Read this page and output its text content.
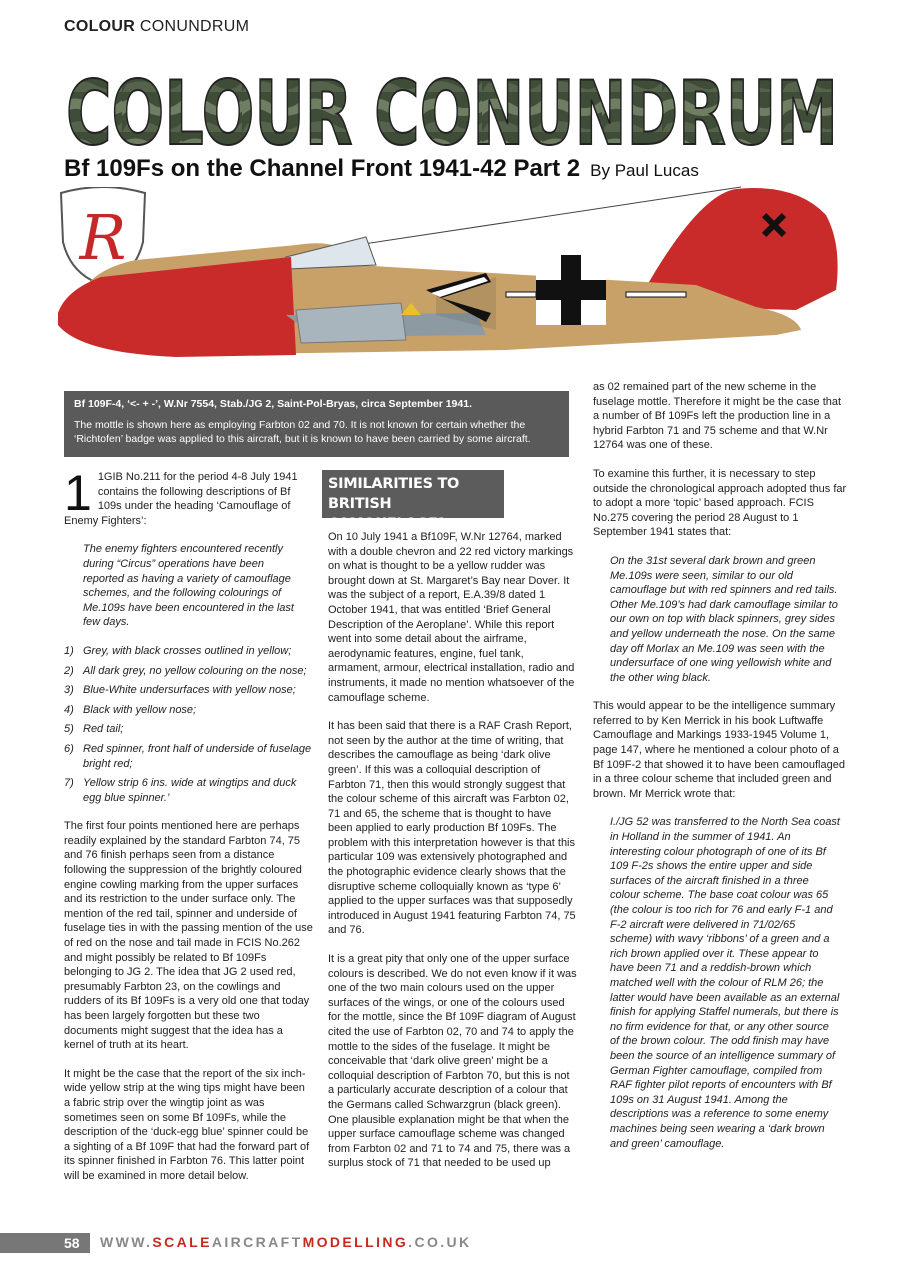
COLOUR CONUNDRUM
COLOUR CONUNDRUM
Bf 109Fs on the Channel Front 1941-42 Part 2 By Paul Lucas
R
Bf 109F-4, ‘<- + -’, W.Nr 7554, Stab./JG 2, Saint-Pol-Bryas, circa September 1941.
The mottle is shown here as employing Farbton 02 and 70. It is not known for certain whether the ‘Richtofen’ badge was applied to this aircraft, but it is known to have been carried by some aircraft.

1 1GIB No.211 for the period 4-8 July 1941 contains the following descriptions of Bf 109s under the heading ‘Camouflage of Enemy Fighters’:

The enemy fighters encountered recently during “Circus” operations have been reported as having a variety of camouflage schemes, and the following colourings of Me.109s have been encountered in the last few days.

1) Grey, with black crosses outlined in yellow;
2) All dark grey, no yellow colouring on the nose;
3) Blue-White undersurfaces with yellow nose;
4) Black with yellow nose;
5) Red tail;
6) Red spinner, front half of underside of fuselage bright red;
7) Yellow strip 6 ins. wide at wingtips and duck egg blue spinner.’

The first four points mentioned here are perhaps readily explained by the standard Farbton 74, 75 and 76 finish perhaps seen from a distance following the suppression of the brightly coloured engine cowling marking from the upper surfaces and its restriction to the under surface only. The mention of the red tail, spinner and underside of fuselage ties in with the passing mention of the use of red on the nose and tail made in FCIS No.262 and might possibly be related to Bf 109Fs belonging to JG 2. The idea that JG 2 used red, presumably Farbton 23, on the cowlings and rudders of its Bf 109Fs is a very old one that today has been largely forgotten but these two documents might suggest that the idea has a kernel of truth at its heart.

It might be the case that the report of the six inch-wide yellow strip at the wing tips might have been a fabric strip over the wingtip joint as was sometimes seen on some Bf 109Fs, while the description of the ‘duck-egg blue’ spinner could be a sighting of a Bf 109F that had the forward part of its spinner finished in Farbton 76. This latter point will be examined in more detail below.

SIMILARITIES TO BRITISH CAMOUFLAGE?

On 10 July 1941 a Bf109F, W.Nr 12764, marked with a double chevron and 22 red victory markings on what is thought to be a yellow rudder was brought down at St. Margaret’s Bay near Dover. It was the subject of a report, E.A.39/8 dated 1 October 1941, that was entitled ‘Brief General Description of the Aeroplane’. While this report went into some detail about the airframe, aerodynamic features, engine, fuel tank, armament, armour, electrical installation, radio and instruments, it made no mention whatsoever of the camouflage scheme.

It has been said that there is a RAF Crash Report, not seen by the author at the time of writing, that describes the camouflage as being ‘dark olive green’. If this was a colloquial description of Farbton 71, then this would strongly suggest that the colour scheme of this aircraft was Farbton 02, 71 and 65, the scheme that is thought to have been applied to early production Bf 109Fs. The problem with this interpretation however is that this particular 109 was extensively photographed and the photographic evidence clearly shows that the disruptive scheme colloquially known as ‘type 6’ applied to the upper surfaces was that supposedly introduced in August 1941 featuring Farbton 74, 75 and 76.

It is a great pity that only one of the upper surface colours is described. We do not even know if it was one of the two main colours used on the upper surfaces of the wings, or one of the colours used for the mottle, since the Bf 109F diagram of August cited the use of Farbton 02, 70 and 74 to apply the mottle to the sides of the fuselage. It might be conceivable that ‘dark olive green’ might be a colloquial description of Farbton 70, but this is not a particularly accurate description of a colour that the Germans called Schwarzgrun (black green). One plausible explanation might be that when the upper surface camouflage scheme was changed from Farbton 02 and 71 to 74 and 75, there was a surplus stock of 71 that needed to be used up

as 02 remained part of the new scheme in the fuselage mottle. Therefore it might be the case that a number of Bf 109Fs left the production line in a hybrid Farbton 71 and 75 scheme and that W.Nr 12764 was one of these.

To examine this further, it is necessary to step outside the chronological approach adopted thus far to adopt a more ‘topic’ based approach. FCIS No.275 covering the period 28 August to 1 September 1941 states that:

On the 31st several dark brown and green Me.109s were seen, similar to our old camouflage but with red spinners and red tails. Other Me.109’s had dark camouflage similar to our own on top with black spinners, grey sides and yellow underneath the nose. On the same day off Morlax an Me.109 was seen with the undersurface of one wing yellowish white and the other wing black.

This would appear to be the intelligence summary referred to by Ken Merrick in his book Luftwaffe Camouflage and Markings 1933-1945 Volume 1, page 147, where he mentioned a colour photo of a Bf 109F-2 that showed it to have been camouflaged in a three colour scheme that included green and brown. Mr Merrick wrote that:

I./JG 52 was transferred to the North Sea coast in Holland in the summer of 1941. An interesting colour photograph of one of its Bf 109 F-2s shows the entire upper and side surfaces of the aircraft finished in a three colour scheme. The base coat colour was 65 (the colour is too rich for 76 and early F-1 and F-2 aircraft were delivered in 71/02/65 scheme) with wavy ‘ribbons’ of a green and a rich brown applied over it. These appear to have been 71 and a reddish-brown which matched well with the colour of RLM 26; the latter would have been available as an external finish for applying Staffel numerals, but there is no firm evidence for that, or any other source of the brown colour. The odd finish may have been the source of an intelligence summary of German Fighter camouflage, compiled from RAF fighter pilot reports of encounters with Bf 109s on 31 August 1941. Among the descriptions was a reference to some enemy machines being seen wearing a ‘dark brown and green’ camouflage.

58 WWW.SCALEAIRCRAFTMODELLING.CO.UK
